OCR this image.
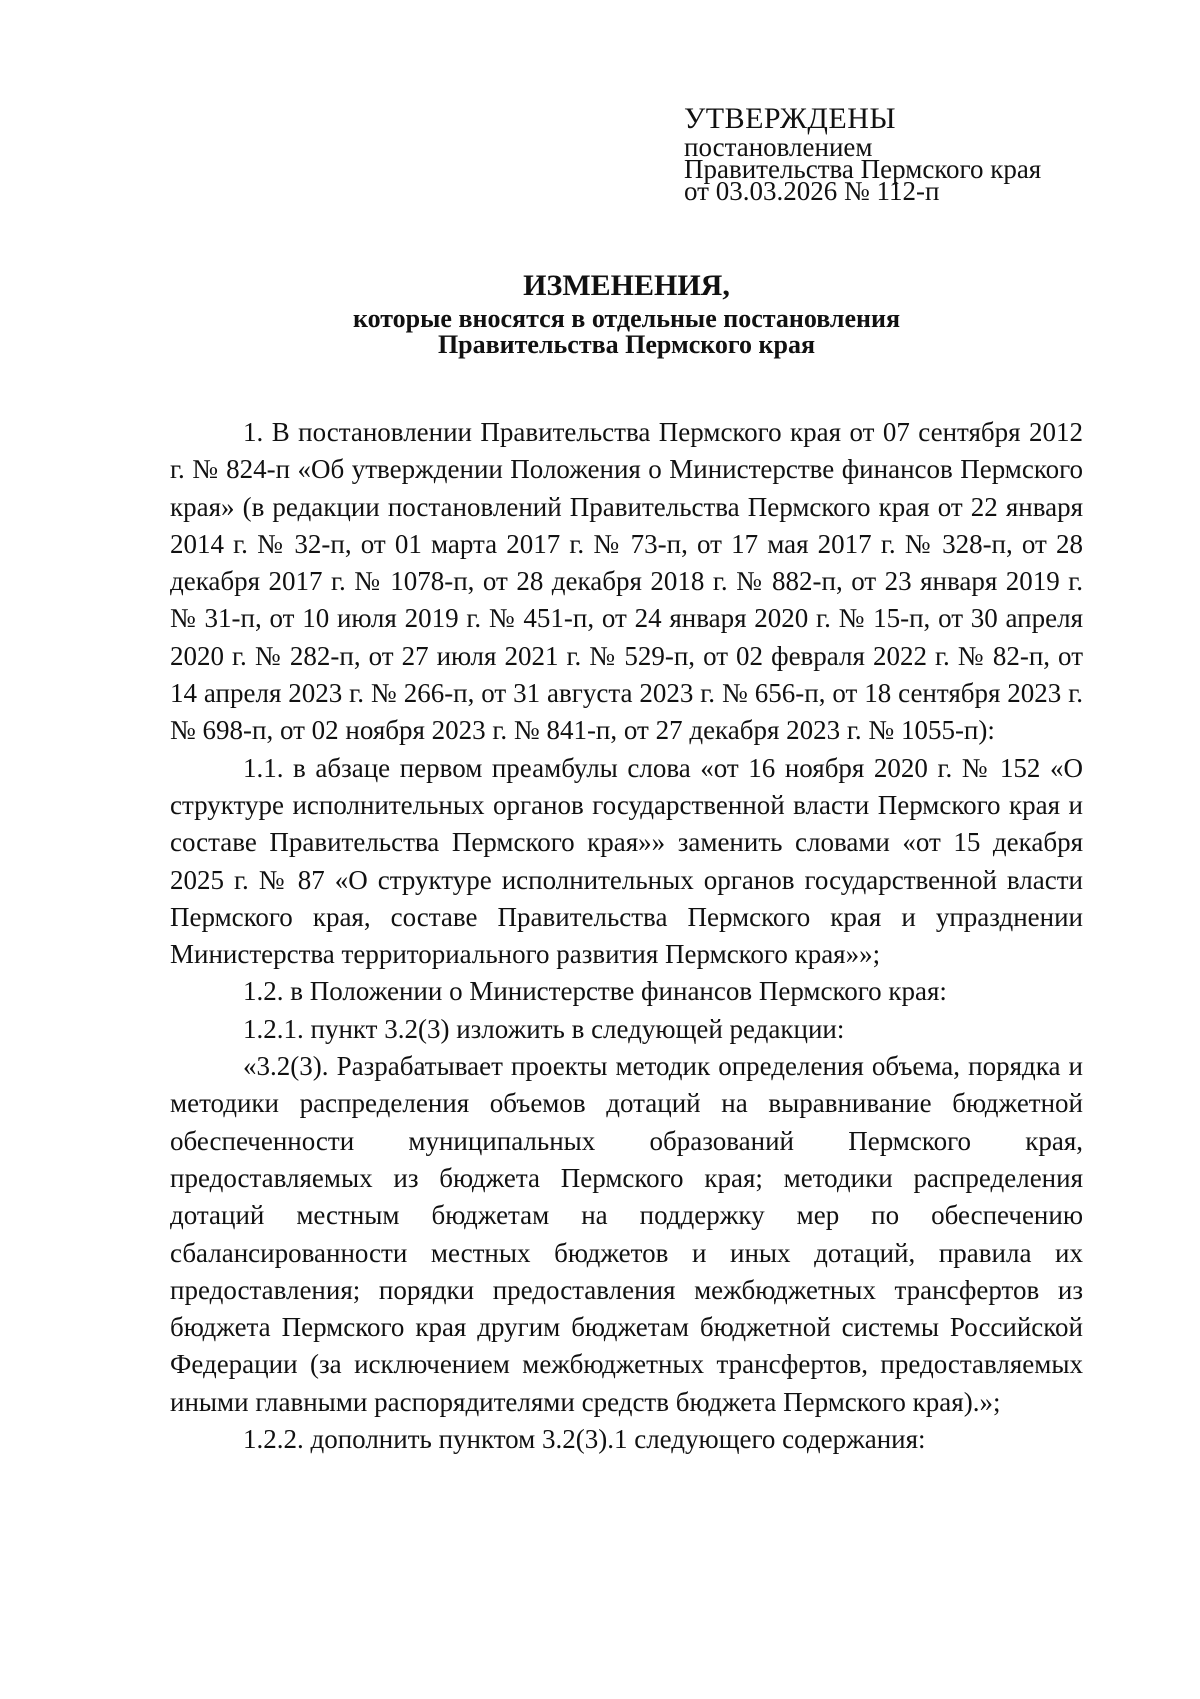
УТВЕРЖДЕНЫ
постановлением
Правительства Пермского края
от 03.03.2026 № 112-п
ИЗМЕНЕНИЯ,
которые вносятся в отдельные постановления
Правительства Пермского края

1. В постановлении Правительства Пермского края от 07 сентября 2012 г. № 824-п «Об утверждении Положения о Министерстве финансов Пермского края» (в редакции постановлений Правительства Пермского края от 22 января 2014 г. № 32-п, от 01 марта 2017 г. № 73-п, от 17 мая 2017 г. № 328-п, от 28 декабря 2017 г. № 1078-п, от 28 декабря 2018 г. № 882-п, от 23 января 2019 г. № 31-п, от 10 июля 2019 г. № 451-п, от 24 января 2020 г. № 15-п, от 30 апреля 2020 г. № 282-п, от 27 июля 2021 г. № 529-п, от 02 февраля 2022 г. № 82-п, от 14 апреля 2023 г. № 266-п, от 31 августа 2023 г. № 656-п, от 18 сентября 2023 г. № 698-п, от 02 ноября 2023 г. № 841-п, от 27 декабря 2023 г. № 1055-п):

1.1. в абзаце первом преамбулы слова «от 16 ноября 2020 г. № 152 «О структуре исполнительных органов государственной власти Пермского края и составе Правительства Пермского края»» заменить словами «от 15 декабря 2025 г. № 87 «О структуре исполнительных органов государственной власти Пермского края, составе Правительства Пермского края и упразднении Министерства территориального развития Пермского края»»;

1.2. в Положении о Министерстве финансов Пермского края:

1.2.1. пункт 3.2(3) изложить в следующей редакции:

«3.2(3). Разрабатывает проекты методик определения объема, порядка и методики распределения объемов дотаций на выравнивание бюджетной обеспеченности муниципальных образований Пермского края, предоставляемых из бюджета Пермского края; методики распределения дотаций местным бюджетам на поддержку мер по обеспечению сбалансированности местных бюджетов и иных дотаций, правила их предоставления; порядки предоставления межбюджетных трансфертов из бюджета Пермского края другим бюджетам бюджетной системы Российской Федерации (за исключением межбюджетных трансфертов, предоставляемых иными главными распорядителями средств бюджета Пермского края).»;

1.2.2. дополнить пунктом 3.2(3).1 следующего содержания:
